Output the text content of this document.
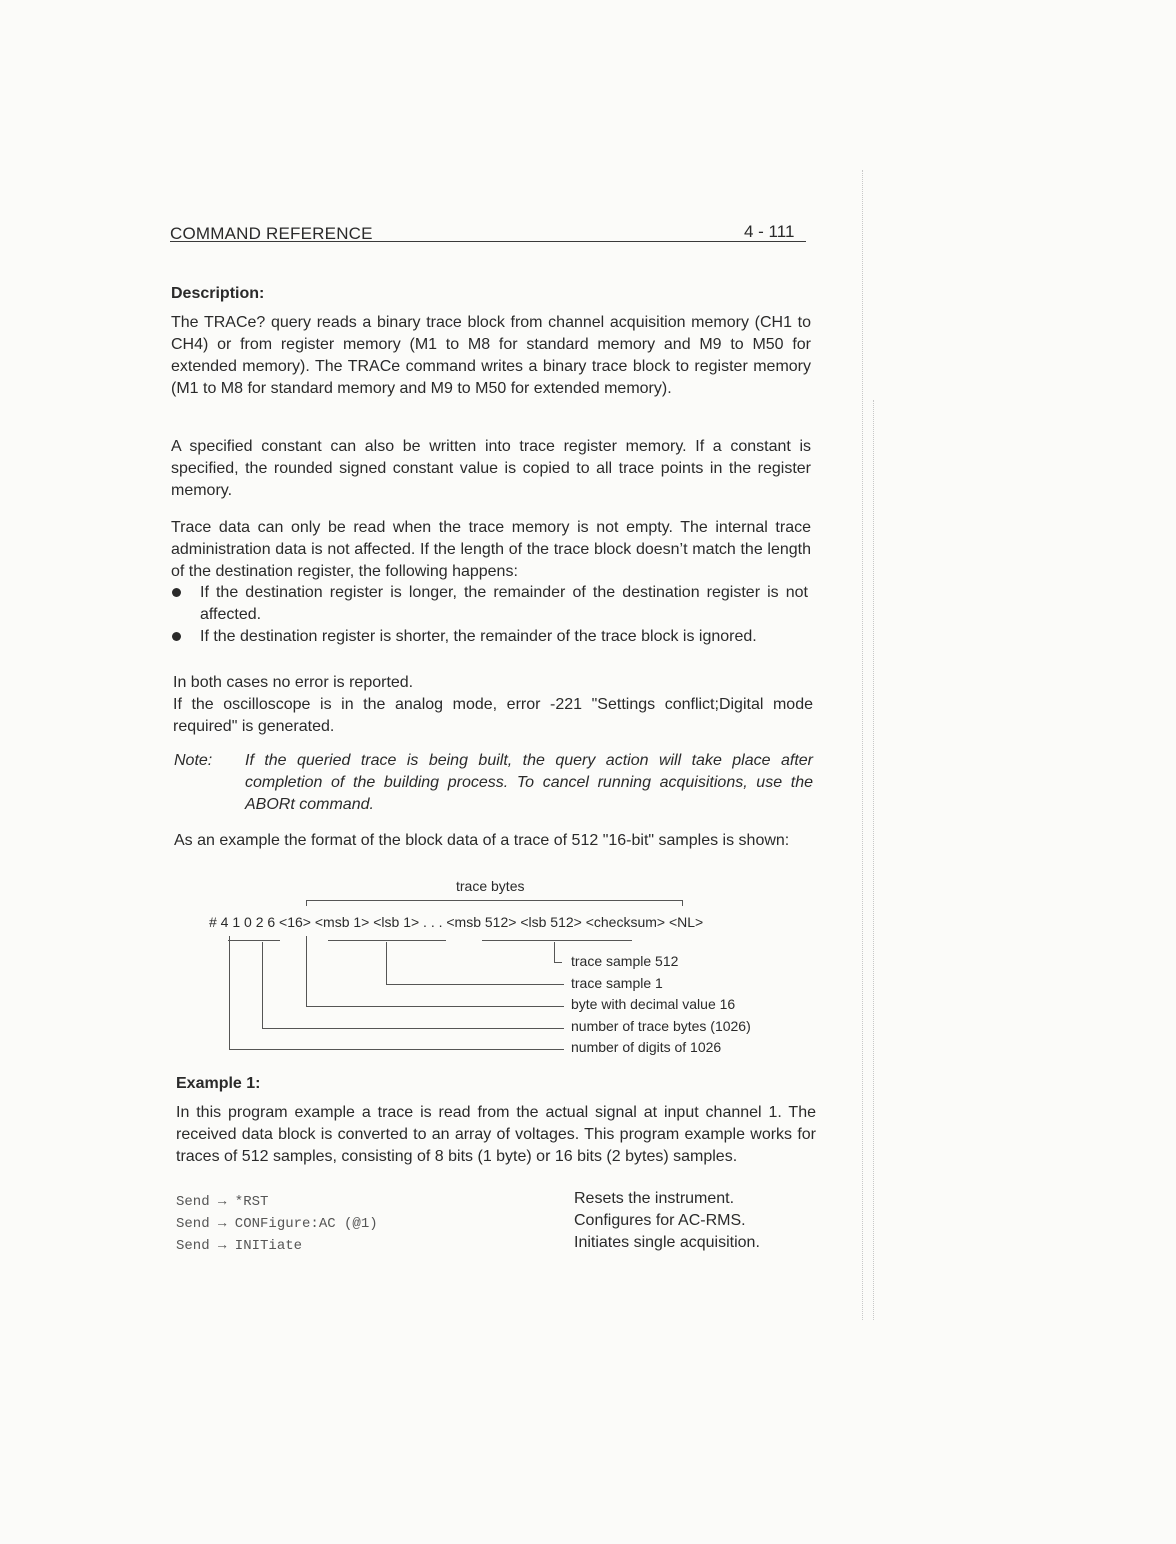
COMMAND REFERENCE	4 - 111
Description:

The TRACe? query reads a binary trace block from channel acquisition memory (CH1 to CH4) or from register memory (M1 to M8 for standard memory and M9 to M50 for extended memory). The TRACe command writes a binary trace block to register memory (M1 to M8 for standard memory and M9 to M50 for extended memory).

A specified constant can also be written into trace register memory. If a constant is specified, the rounded signed constant value is copied to all trace points in the register memory.

Trace data can only be read when the trace memory is not empty. The internal trace administration data is not affected. If the length of the trace block doesn’t match the length of the destination register, the following happens:

If the destination register is longer, the remainder of the destination register is not affected.

If the destination register is shorter, the remainder of the trace block is ignored.

In both cases no error is reported.

If the oscilloscope is in the analog mode, error -221 "Settings conflict;Digital mode required" is generated.

Note: If the queried trace is being built, the query action will take place after completion of the building process. To cancel running acquisitions, use the ABORt command.

As an example the format of the block data of a trace of 512 "16-bit" samples is shown:

trace bytes
# 4 1 0 2 6 <16> <msb 1> <lsb 1> . . . <msb 512> <lsb 512> <checksum> <NL>
trace sample 512
trace sample 1
byte with decimal value 16
number of trace bytes (1026)
number of digits of 1026
Example 1:

In this program example a trace is read from the actual signal at input channel 1. The received data block is converted to an array of voltages. This program example works for traces of 512 samples, consisting of 8 bits (1 byte) or 16 bits (2 bytes) samples.

Send → *RST	Resets the instrument.
Send → CONFigure:AC (@1)	Configures for AC-RMS.
Send → INITiate	Initiates single acquisition.
